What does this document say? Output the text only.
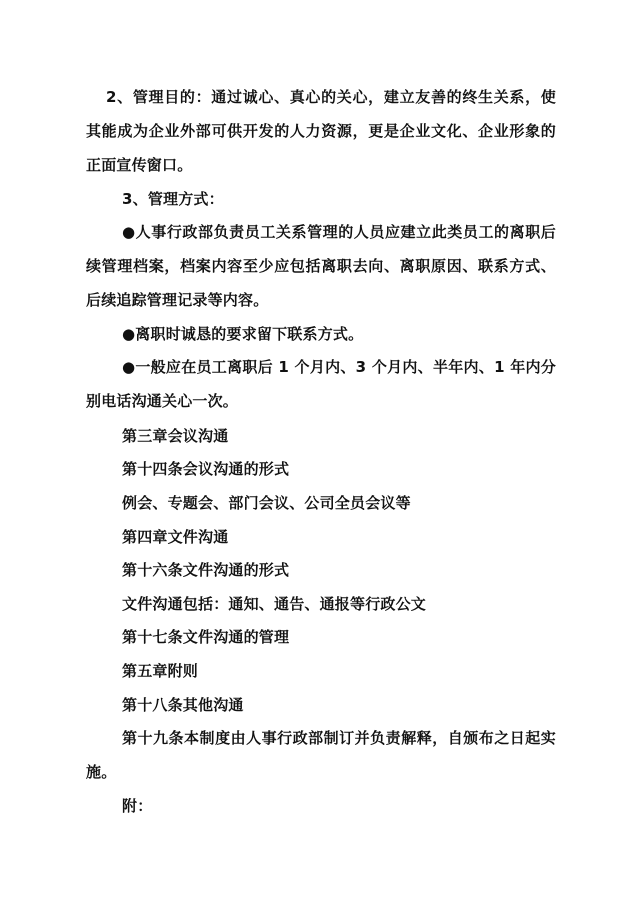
2、管理目的：通过诚心、真心的关心，建立友善的终生关系，使其能成为企业外部可供开发的人力资源，更是企业文化、企业形象的正面宣传窗口。

3、管理方式：

●人事行政部负责员工关系管理的人员应建立此类员工的离职后续管理档案，档案内容至少应包括离职去向、离职原因、联系方式、后续追踪管理记录等内容。

●离职时诚恳的要求留下联系方式。

●一般应在员工离职后 1 个月内、3 个月内、半年内、1 年内分别电话沟通关心一次。

第三章会议沟通

第十四条会议沟通的形式

例会、专题会、部门会议、公司全员会议等

第四章文件沟通

第十六条文件沟通的形式

文件沟通包括：通知、通告、通报等行政公文

第十七条文件沟通的管理

第五章附则

第十八条其他沟通

第十九条本制度由人事行政部制订并负责解释，自颁布之日起实施。

附：
